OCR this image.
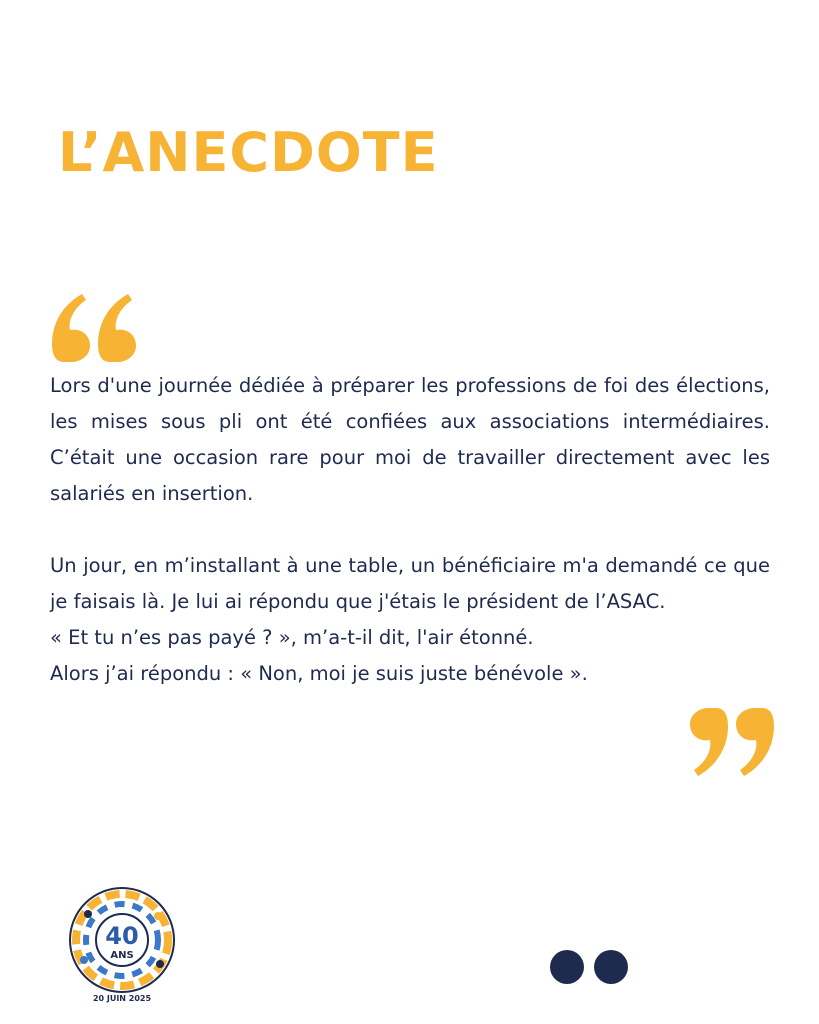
L’ANECDOTE

Lors d'une journée dédiée à préparer les professions de foi des élections, les mises sous pli ont été confiées aux associations intermédiaires. C’était une occasion rare pour moi de travailler directement avec les salariés en insertion.

Un jour, en m’installant à une table, un bénéficiaire m'a demandé ce que je faisais là. Je lui ai répondu que j'étais le président de l’ASAC.
« Et tu n’es pas payé ? », m’a-t-il dit, l'air étonné.
Alors j’ai répondu : « Non, moi je suis juste bénévole ».

40
ANS
20 JUIN 2025
